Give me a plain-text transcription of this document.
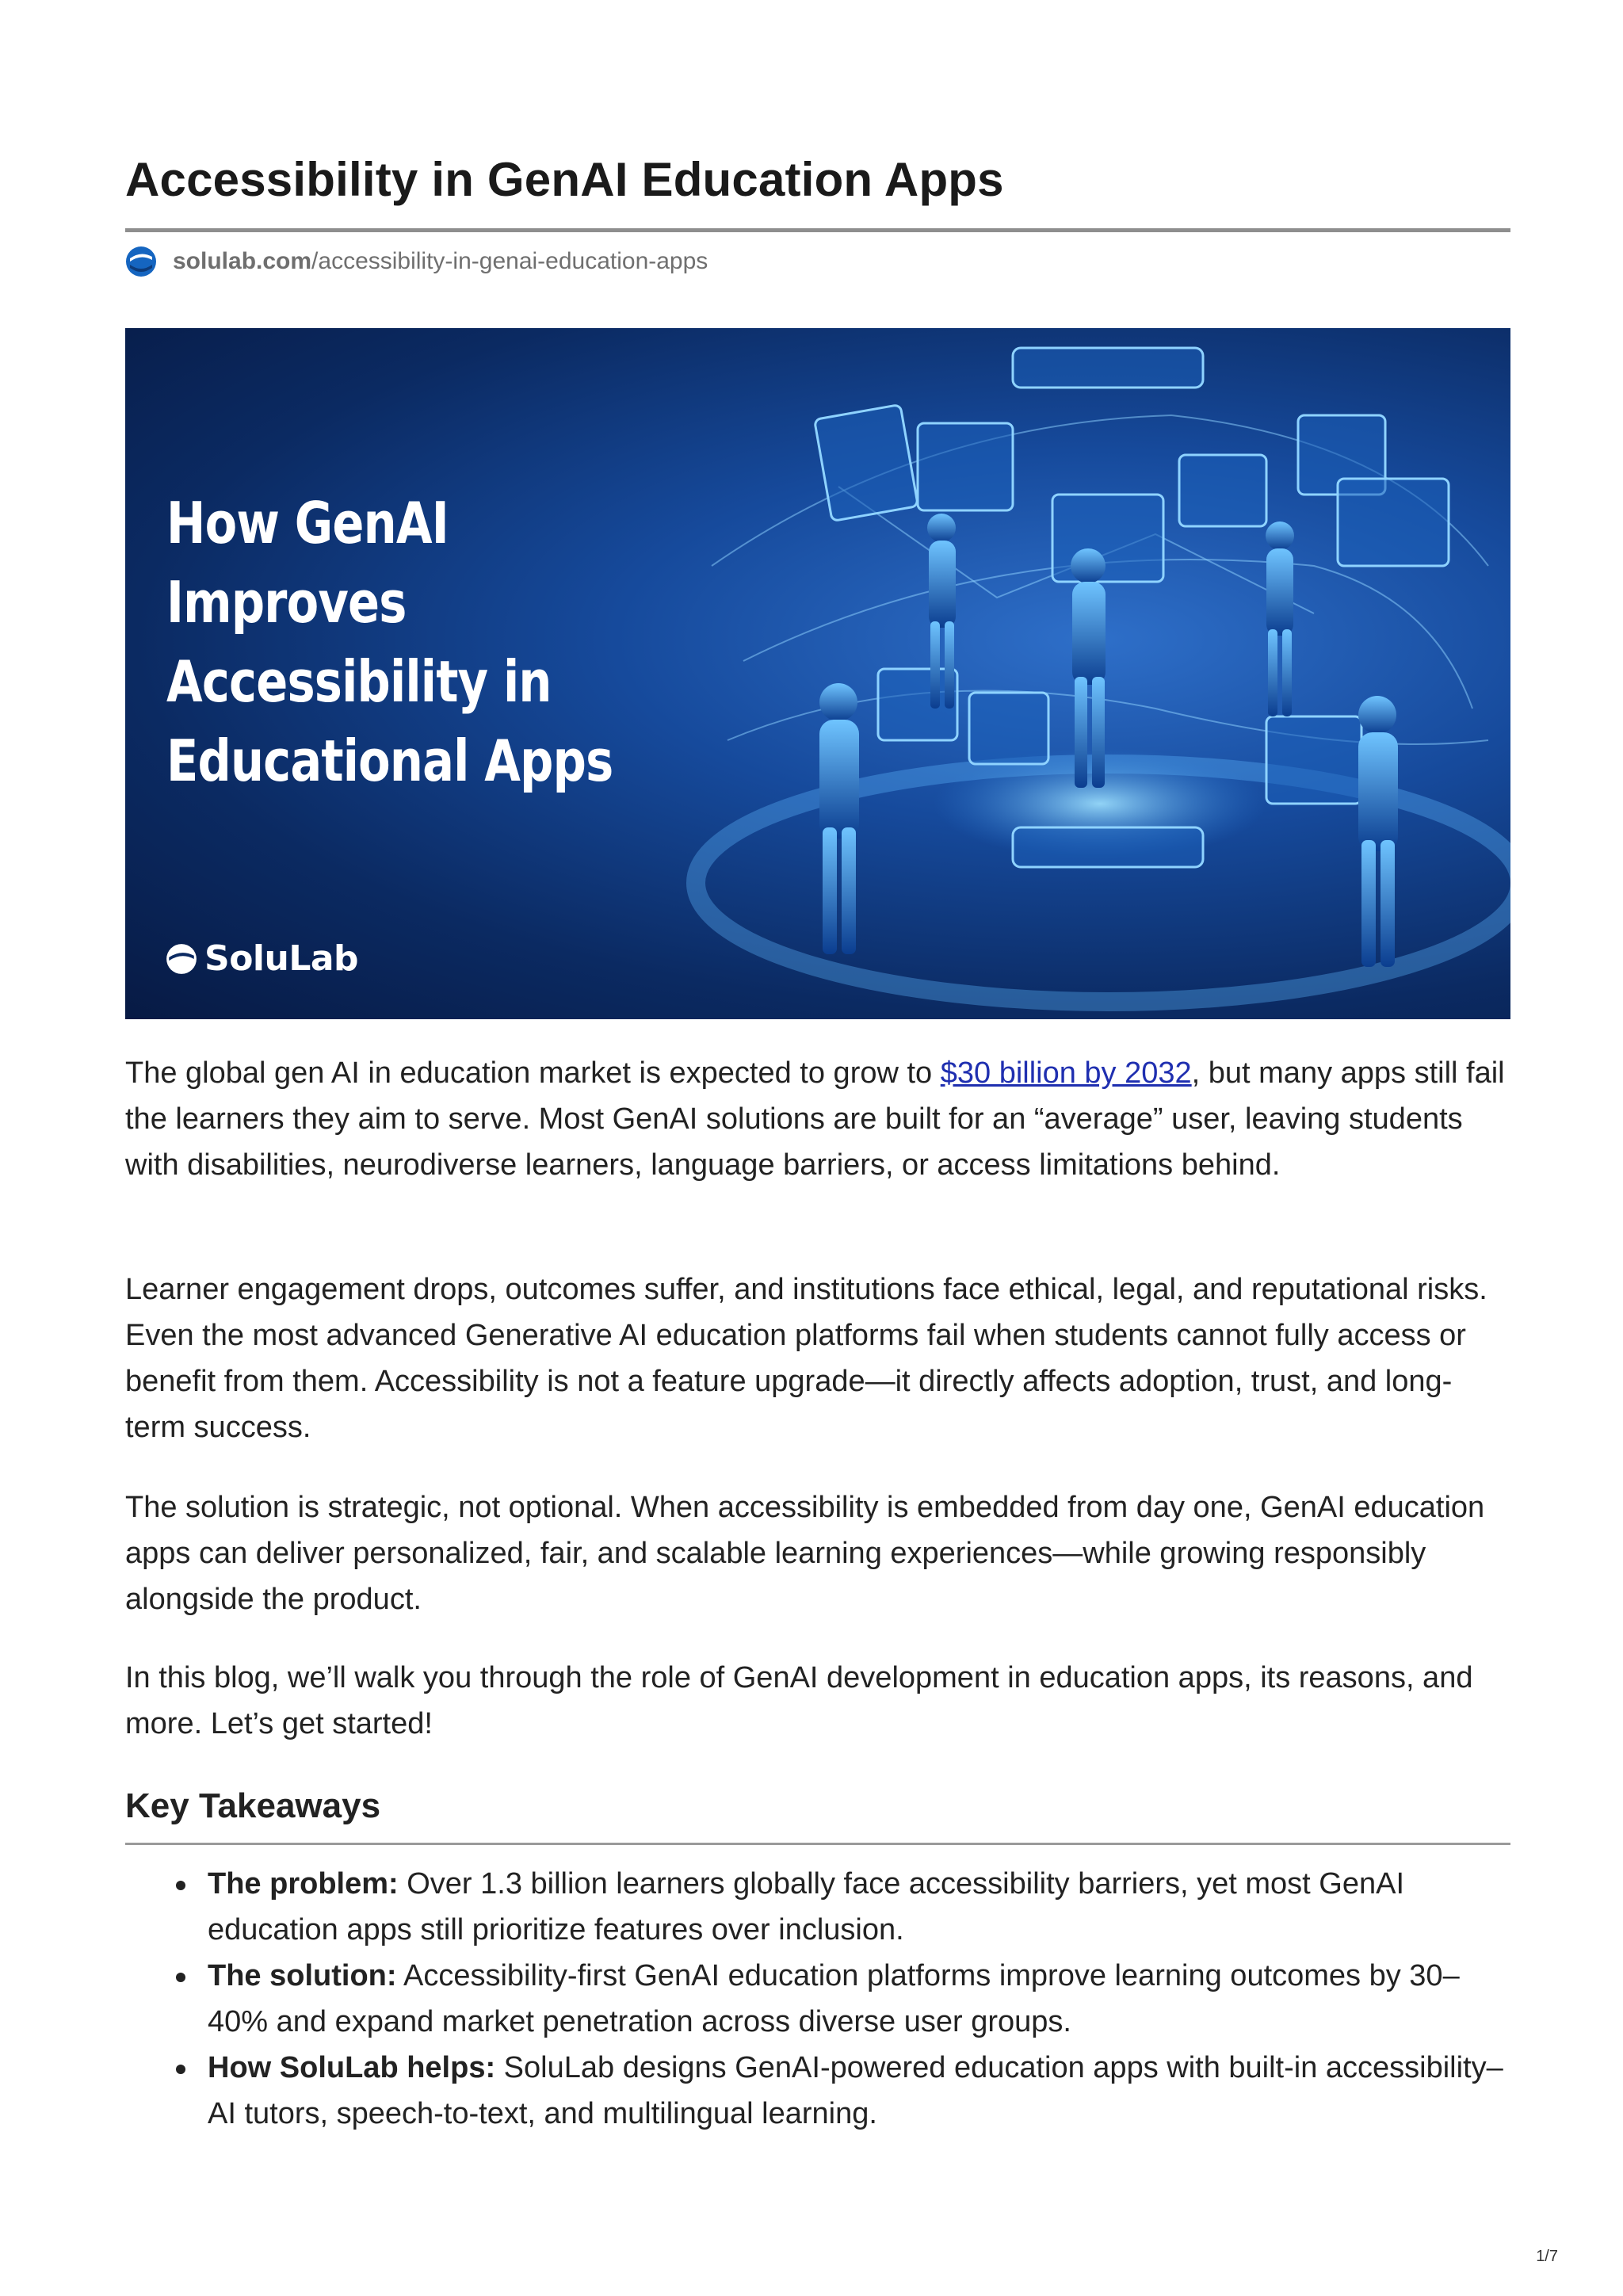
Accessibility in GenAI Education Apps
solulab.com/accessibility-in-genai-education-apps
How GenAI
Improves
Accessibility in
Educational Apps
SoluLab

The global gen AI in education market is expected to grow to $30 billion by 2032, but many apps still fail the learners they aim to serve. Most GenAI solutions are built for an “average” user, leaving students with disabilities, neurodiverse learners, language barriers, or access limitations behind.

Learner engagement drops, outcomes suffer, and institutions face ethical, legal, and reputational risks. Even the most advanced Generative AI education platforms fail when students cannot fully access or benefit from them. Accessibility is not a feature upgrade—it directly affects adoption, trust, and long-term success.

The solution is strategic, not optional. When accessibility is embedded from day one, GenAI education apps can deliver personalized, fair, and scalable learning experiences—while growing responsibly alongside the product.

In this blog, we’ll walk you through the role of GenAI development in education apps, its reasons, and more. Let’s get started!

Key Takeaways
The problem: Over 1.3 billion learners globally face accessibility barriers, yet most GenAI education apps still prioritize features over inclusion.
The solution: Accessibility-first GenAI education platforms improve learning outcomes by 30–40% and expand market penetration across diverse user groups.
How SoluLab helps: SoluLab designs GenAI-powered education apps with built-in accessibility– AI tutors, speech-to-text, and multilingual learning.
1/7
